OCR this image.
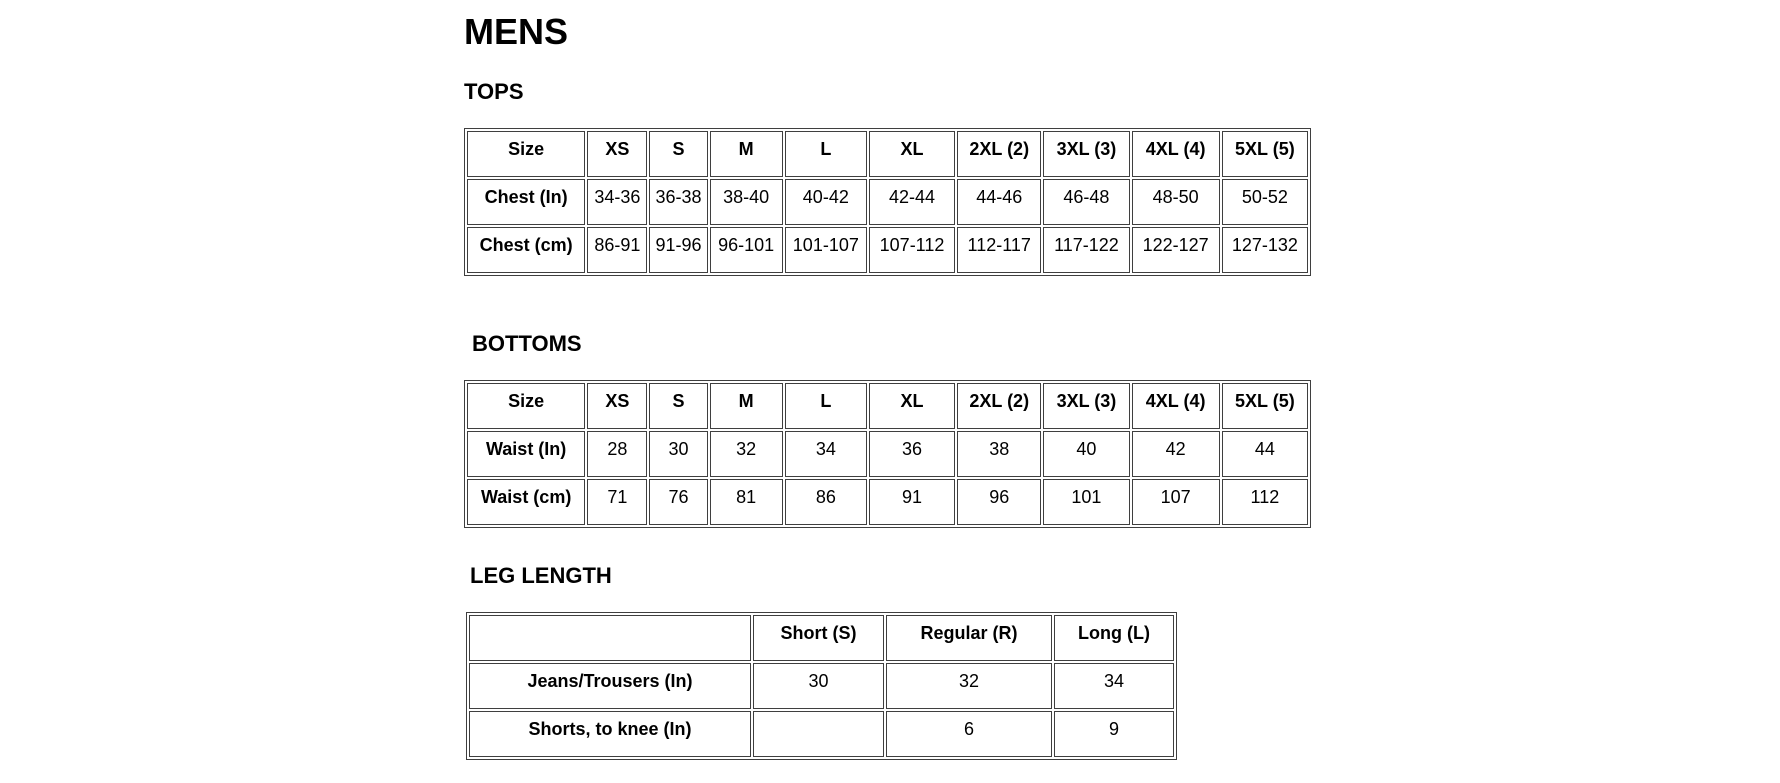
MENS
TOPS
Size	XS	S	M	L	XL	2XL (2)	3XL (3)	4XL (4)	5XL (5)
Chest (In)	34-36	36-38	38-40	40-42	42-44	44-46	46-48	48-50	50-52
Chest (cm)	86-91	91-96	96-101	101-107	107-112	112-117	117-122	122-127	127-132
BOTTOMS
Size	XS	S	M	L	XL	2XL (2)	3XL (3)	4XL (4)	5XL (5)
Waist (In)	28	30	32	34	36	38	40	42	44
Waist (cm)	71	76	81	86	91	96	101	107	112
LEG LENGTH
	Short (S)	Regular (R)	Long (L)
Jeans/Trousers (In)	30	32	34
Shorts, to knee (In)		6	9
